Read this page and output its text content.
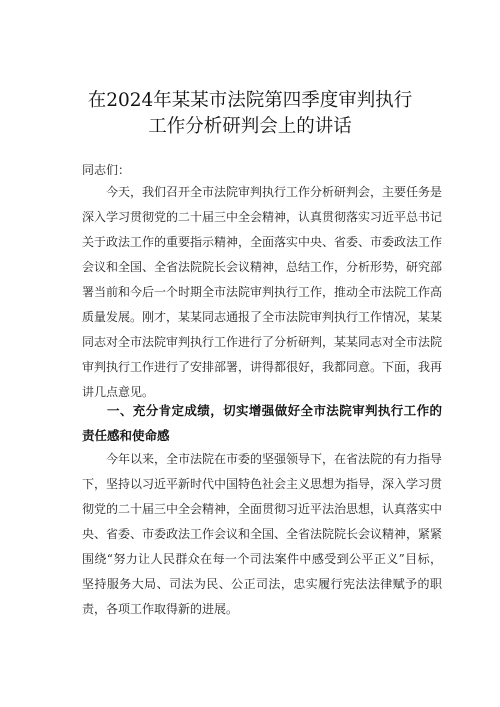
在2024年某某市法院第四季度审判执行
工作分析研判会上的讲话
同志们：

今天，我们召开全市法院审判执行工作分析研判会，主要任务是深入学习贯彻党的二十届三中全会精神，认真贯彻落实习近平总书记关于政法工作的重要指示精神，全面落实中央、省委、市委政法工作会议和全国、全省法院院长会议精神，总结工作，分析形势，研究部署当前和今后一个时期全市法院审判执行工作，推动全市法院工作高质量发展。刚才，某某同志通报了全市法院审判执行工作情况，某某同志对全市法院审判执行工作进行了分析研判，某某同志对全市法院审判执行工作进行了安排部署，讲得都很好，我都同意。下面，我再讲几点意见。

一、充分肯定成绩，切实增强做好全市法院审判执行工作的责任感和使命感

今年以来，全市法院在市委的坚强领导下，在省法院的有力指导下，坚持以习近平新时代中国特色社会主义思想为指导，深入学习贯彻党的二十届三中全会精神，全面贯彻习近平法治思想，认真落实中央、省委、市委政法工作会议和全国、全省法院院长会议精神，紧紧围绕“努力让人民群众在每一个司法案件中感受到公平正义”目标，坚持服务大局、司法为民、公正司法，忠实履行宪法法律赋予的职责，各项工作取得新的进展。
